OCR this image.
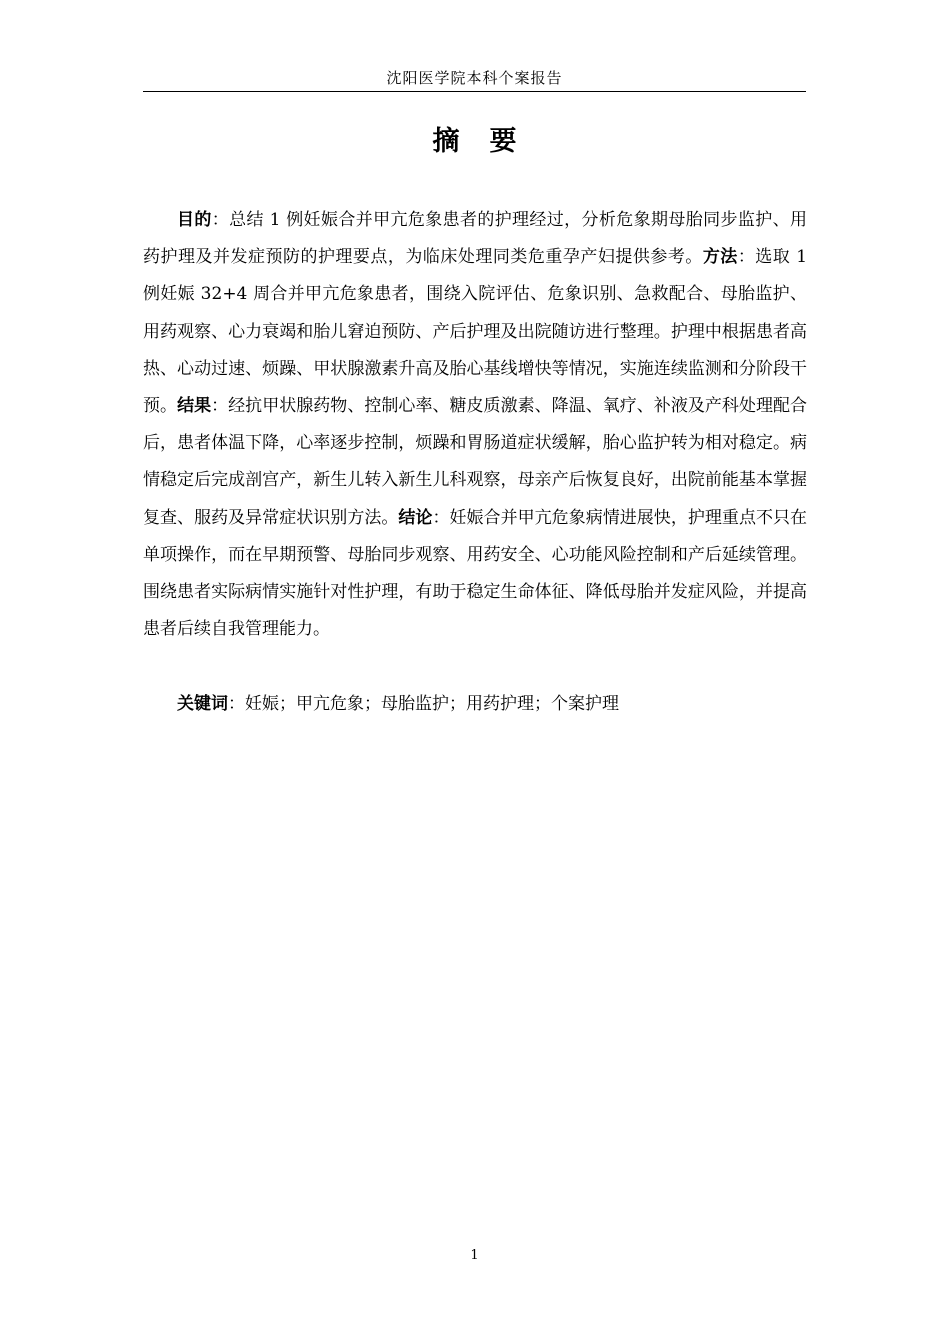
沈阳医学院本科个案报告
摘 要

目的：总结 1 例妊娠合并甲亢危象患者的护理经过，分析危象期母胎同步监护、用药护理及并发症预防的护理要点，为临床处理同类危重孕产妇提供参考。方法：选取 1 例妊娠 32+4 周合并甲亢危象患者，围绕入院评估、危象识别、急救配合、母胎监护、用药观察、心力衰竭和胎儿窘迫预防、产后护理及出院随访进行整理。护理中根据患者高热、心动过速、烦躁、甲状腺激素升高及胎心基线增快等情况，实施连续监测和分阶段干预。结果：经抗甲状腺药物、控制心率、糖皮质激素、降温、氧疗、补液及产科处理配合后，患者体温下降，心率逐步控制，烦躁和胃肠道症状缓解，胎心监护转为相对稳定。病情稳定后完成剖宫产，新生儿转入新生儿科观察，母亲产后恢复良好，出院前能基本掌握复查、服药及异常症状识别方法。结论：妊娠合并甲亢危象病情进展快，护理重点不只在单项操作，而在早期预警、母胎同步观察、用药安全、心功能风险控制和产后延续管理。围绕患者实际病情实施针对性护理，有助于稳定生命体征、降低母胎并发症风险，并提高患者后续自我管理能力。

关键词：妊娠；甲亢危象；母胎监护；用药护理；个案护理

1
